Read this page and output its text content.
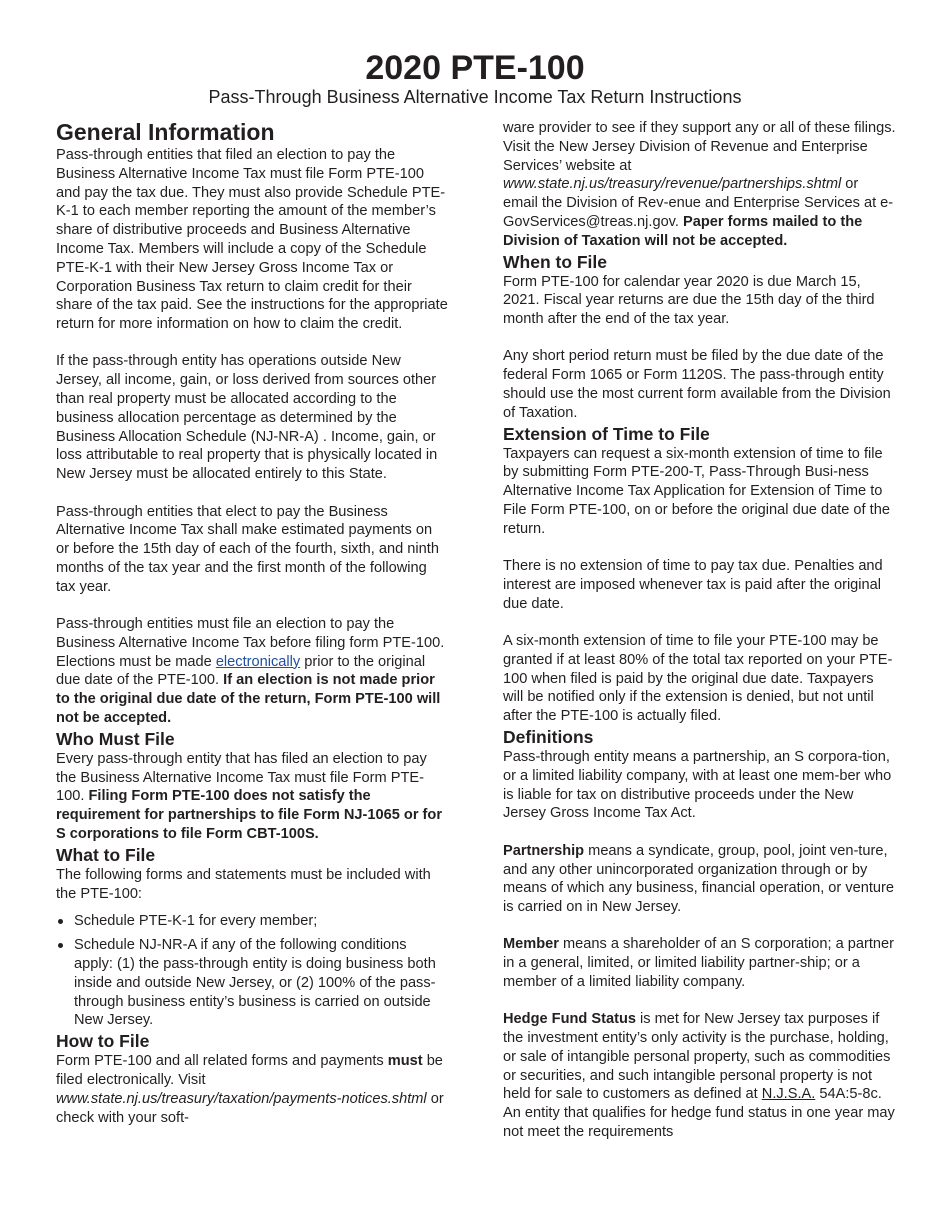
2020 PTE-100
Pass-Through Business Alternative Income Tax Return Instructions
General Information

Pass-through entities that filed an election to pay the Business Alternative Income Tax must file Form PTE-100 and pay the tax due. They must also provide Schedule PTE-K-1 to each member reporting the amount of the member’s share of distributive proceeds and Business Alternative Income Tax. Members will include a copy of the Schedule PTE-K-1 with their New Jersey Gross Income Tax or Corporation Business Tax return to claim credit for their share of the tax paid. See the instructions for the appropriate return for more information on how to claim the credit.

If the pass-through entity has operations outside New Jersey, all income, gain, or loss derived from sources other than real property must be allocated according to the business allocation percentage as determined by the Business Allocation Schedule (NJ-NR-A) . Income, gain, or loss attributable to real property that is physically located in New Jersey must be allocated entirely to this State.

Pass-through entities that elect to pay the Business Alternative Income Tax shall make estimated payments on or before the 15th day of each of the fourth, sixth, and ninth months of the tax year and the first month of the following tax year.

Pass-through entities must file an election to pay the Business Alternative Income Tax before filing form PTE-100. Elections must be made electronically prior to the original due date of the PTE-100. If an election is not made prior to the original due date of the return, Form PTE-100 will not be accepted.

Who Must File

Every pass-through entity that has filed an election to pay the Business Alternative Income Tax must file Form PTE-100. Filing Form PTE-100 does not satisfy the requirement for partnerships to file Form NJ-1065 or for S corporations to file Form CBT-100S.

What to File

The following forms and statements must be included with the PTE-100:

Schedule PTE-K-1 for every member;
Schedule NJ-NR-A if any of the following conditions apply: (1) the pass-through entity is doing business both inside and outside New Jersey, or (2) 100% of the pass-through business entity’s business is carried on outside New Jersey.
How to File

Form PTE-100 and all related forms and payments must be filed electronically. Visit www.state.nj.us/treasury/taxation/payments-notices.shtml or check with your soft-

ware provider to see if they support any or all of these filings. Visit the New Jersey Division of Revenue and Enterprise Services’ website at www.state.nj.us/treasury/revenue/partnerships.shtml or email the Division of Rev-enue and Enterprise Services at e-GovServices@treas.nj.gov. Paper forms mailed to the Division of Taxation will not be accepted.

When to File

Form PTE-100 for calendar year 2020 is due March 15, 2021. Fiscal year returns are due the 15th day of the third month after the end of the tax year.

Any short period return must be filed by the due date of the federal Form 1065 or Form 1120S. The pass-through entity should use the most current form available from the Division of Taxation.

Extension of Time to File

Taxpayers can request a six-month extension of time to file by submitting Form PTE-200-T, Pass-Through Busi-ness Alternative Income Tax Application for Extension of Time to File Form PTE-100, on or before the original due date of the return.

There is no extension of time to pay tax due. Penalties and interest are imposed whenever tax is paid after the original due date.

A six-month extension of time to file your PTE-100 may be granted if at least 80% of the total tax reported on your PTE-100 when filed is paid by the original due date. Taxpayers will be notified only if the extension is denied, but not until after the PTE-100 is actually filed.

Definitions

Pass-through entity means a partnership, an S corpora-tion, or a limited liability company, with at least one mem-ber who is liable for tax on distributive proceeds under the New Jersey Gross Income Tax Act.

Partnership means a syndicate, group, pool, joint ven-ture, and any other unincorporated organization through or by means of which any business, financial operation, or venture is carried on in New Jersey.

Member means a shareholder of an S corporation; a partner in a general, limited, or limited liability partner-ship; or a member of a limited liability company.

Hedge Fund Status is met for New Jersey tax purposes if the investment entity’s only activity is the purchase, holding, or sale of intangible personal property, such as commodities or securities, and such intangible personal property is not held for sale to customers as defined at N.J.S.A. 54A:5-8c. An entity that qualifies for hedge fund status in one year may not meet the requirements
